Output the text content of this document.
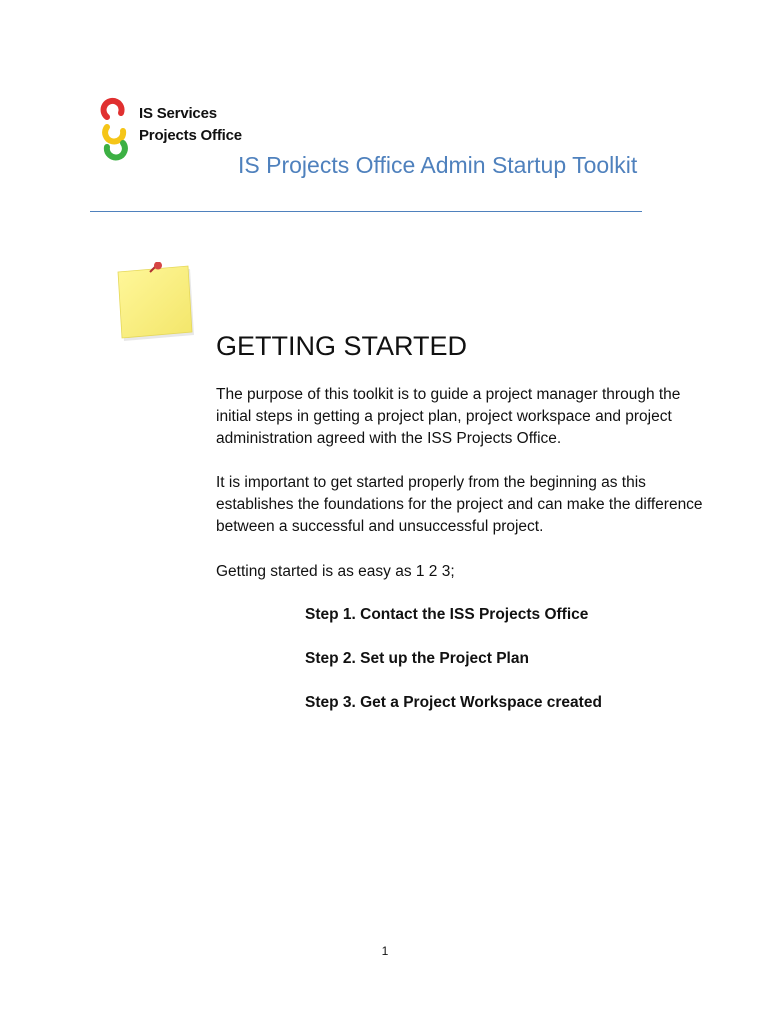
IS Services
Projects Office
IS Projects Office Admin Startup Toolkit
GETTING STARTED

The purpose of this toolkit is to guide a project manager through the initial steps in getting a project plan, project workspace and project administration agreed with the ISS Projects Office.

It is important to get started properly from the beginning as this establishes the foundations for the project and can make the difference between a successful and unsuccessful project.

Getting started is as easy as 1 2 3;

Step 1. Contact the ISS Projects Office
Step 2. Set up the Project Plan
Step 3. Get a Project Workspace created
1
